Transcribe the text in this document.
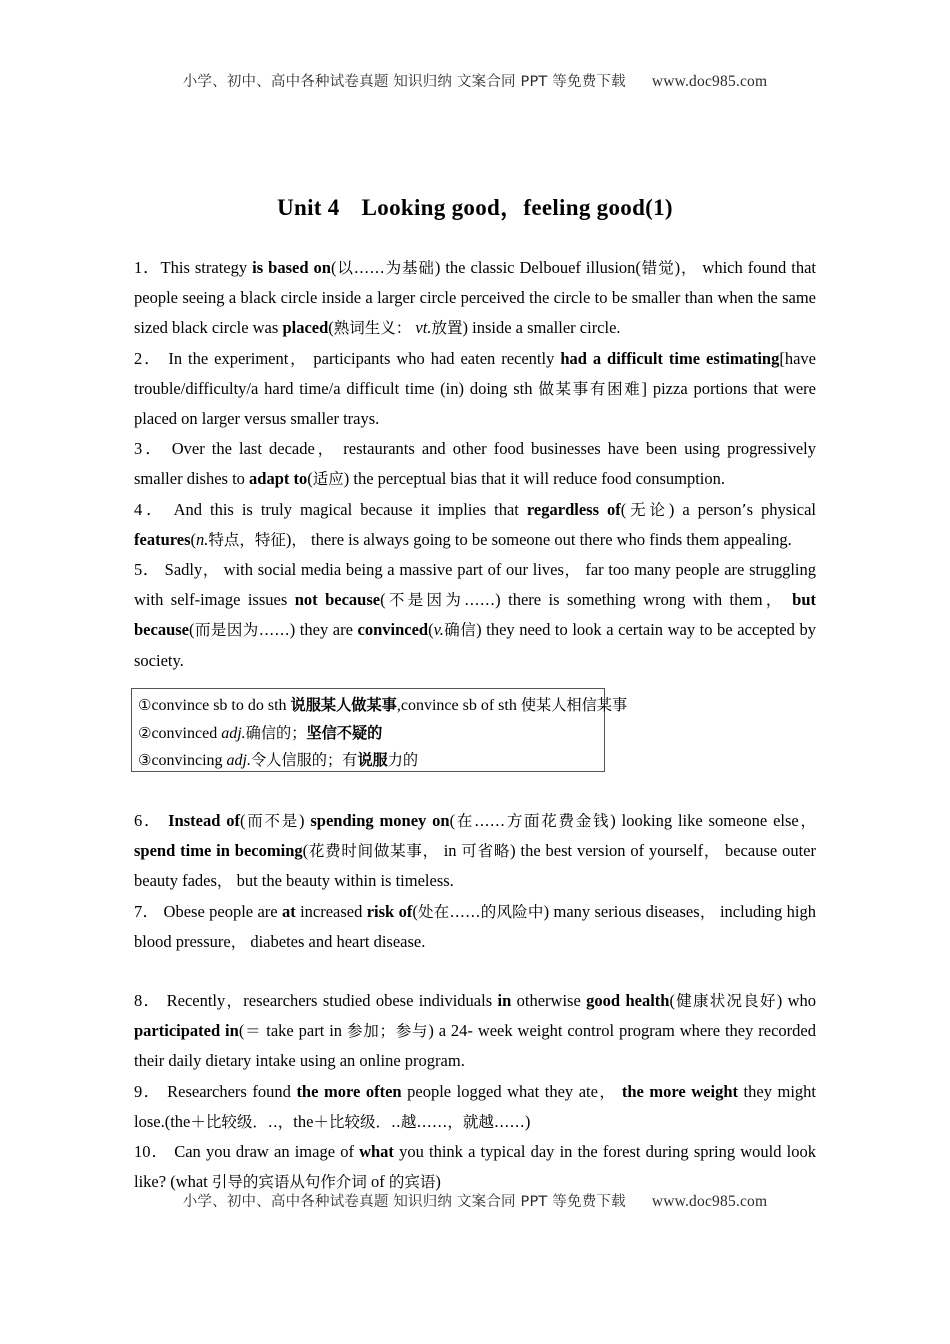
小学、初中、高中各种试卷真题 知识归纳 文案合同 PPT 等免费下载 www.doc985.com
Unit 4 Looking good，feeling good(1)

1．This strategy is based on(以……为基础) the classic Delbouef illusion(错觉)， which found that people seeing a black circle inside a larger circle perceived the circle to be smaller than when the same sized black circle was placed(熟词生义： vt.放置) inside a smaller circle.

2． In the experiment， participants who had eaten recently had a difficult time estimating[have trouble/difficulty/a hard time/a difficult time (in) doing sth 做某事有困难] pizza portions that were placed on larger versus smaller trays.

3． Over the last decade， restaurants and other food businesses have been using progressively smaller dishes to adapt to(适应) the perceptual bias that it will reduce food consumption.

4． And this is truly magical because it implies that regardless of(无论) a person’s physical features(n.特点，特征)， there is always going to be someone out there who finds them appealing.

5． Sadly， with social media being a massive part of our lives， far too many people are struggling with self-image issues not because(不是因为……) there is something wrong with them， but because(而是因为……) they are convinced(v.确信) they need to look a certain way to be accepted by society.

①convince sb to do sth 说服某人做某事,convince sb of sth 使某人相信某事
②convinced adj.确信的；坚信不疑的
③convincing adj.令人信服的；有说服力的

6． Instead of(而不是) spending money on(在……方面花费金钱) looking like someone else， spend time in becoming(花费时间做某事， in 可省略) the best version of yourself， because outer beauty fades， but the beauty within is timeless.

7． Obese people are at increased risk of(处在……的风险中) many serious diseases， including high blood pressure， diabetes and heart disease.

8． Recently，researchers studied obese individuals in otherwise good health(健康状况良好) who participated in(＝ take part in 参加；参与) a 24- week weight control program where they recorded their daily dietary intake using an online program.

9． Researchers found the more often people logged what they ate， the more weight they might lose.(the＋比较级．..，the＋比较级．..越……，就越……)

10． Can you draw an image of what you think a typical day in the forest during spring would look like? (what 引导的宾语从句作介词 of 的宾语)

小学、初中、高中各种试卷真题 知识归纳 文案合同 PPT 等免费下载 www.doc985.com
